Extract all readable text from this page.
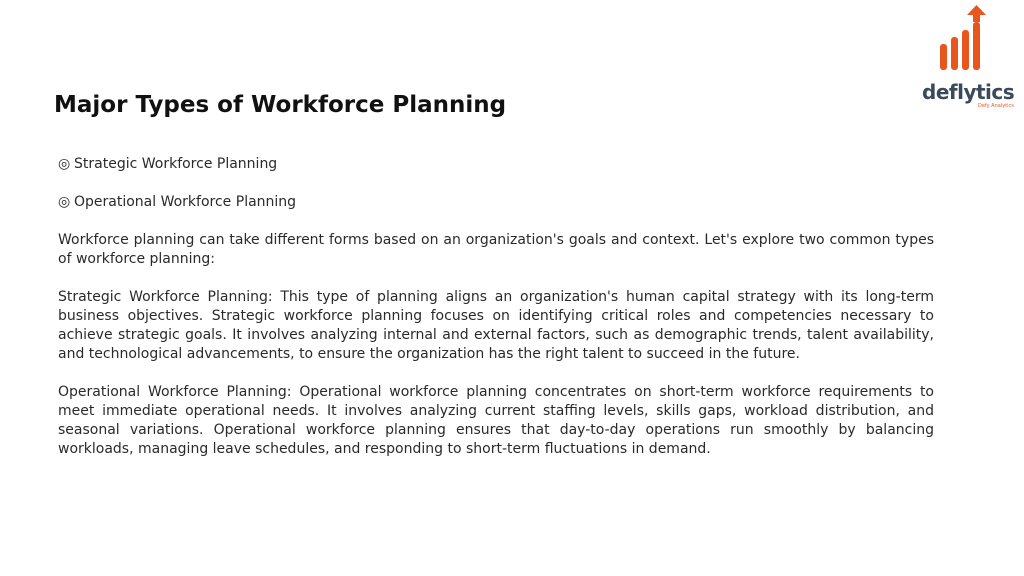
Major Types of Workforce Planning	deflytics
Defy Analytics
◎ Strategic Workforce Planning
◎ Operational Workforce Planning

Workforce planning can take different forms based on an organization's goals and context. Let's explore two common types of workforce planning:

Strategic Workforce Planning: This type of planning aligns an organization's human capital strategy with its long-term business objectives. Strategic workforce planning focuses on identifying critical roles and competencies necessary to achieve strategic goals. It involves analyzing internal and external factors, such as demographic trends, talent availability, and technological advancements, to ensure the organization has the right talent to succeed in the future.

Operational Workforce Planning: Operational workforce planning concentrates on short-term workforce requirements to meet immediate operational needs. It involves analyzing current staffing levels, skills gaps, workload distribution, and seasonal variations. Operational workforce planning ensures that day-to-day operations run smoothly by balancing workloads, managing leave schedules, and responding to short-term fluctuations in demand.
